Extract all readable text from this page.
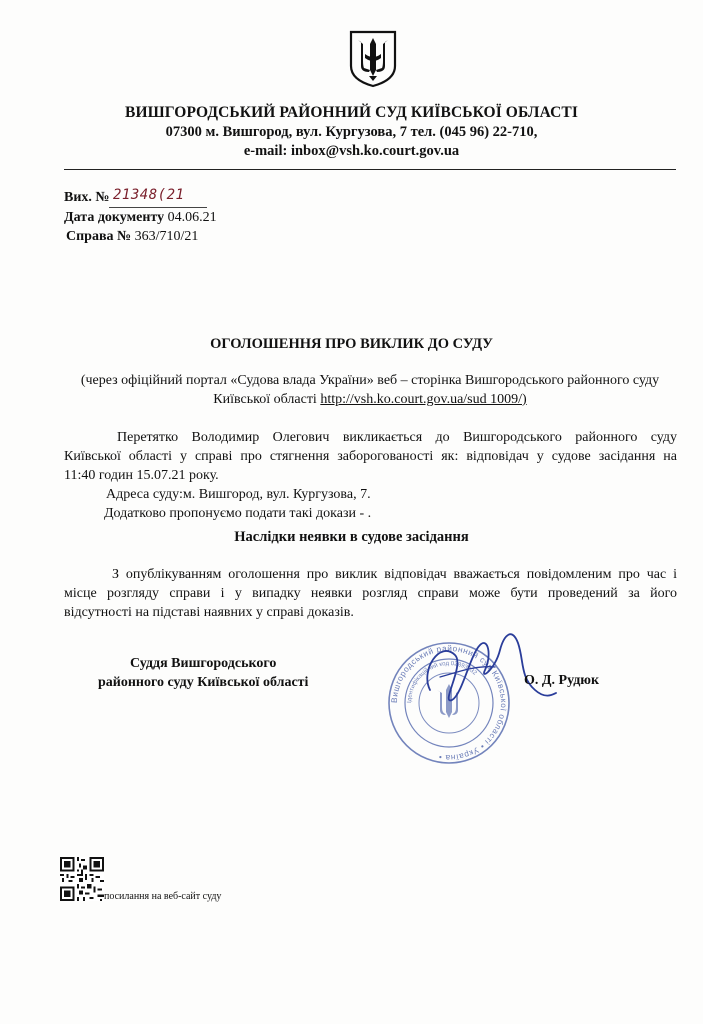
ВИШГОРОДСЬКИЙ РАЙОННИЙ СУД КИЇВСЬКОЇ ОБЛАСТІ
07300 м. Вишгород, вул. Кургузова, 7 тел. (045 96) 22-710,
e-mail: inbox@vsh.ko.court.gov.ua
Вих. № 21348(21
Дата документу 04.06.21
Справа № 363/710/21
ОГОЛОШЕННЯ ПРО ВИКЛИК ДО СУДУ
(через офіційний портал «Судова влада України» веб – сторінка Вишгородського районного суду
Київської області http://vsh.ko.court.gov.ua/sud 1009/)
Перетятко Володимир Олегович викликається до Вишгородського районного суду
Київської області у справі про стягнення заборогованості як: відповідач у судове засідання на
11:40 годин 15.07.21 року.
Адреса суду:м. Вишгород, вул. Кургузова, 7.
Додатково пропонуємо подати такі докази - .
Наслідки неявки в судове засідання
З опублікуванням оголошення про виклик відповідач вважається повідомленим про час і
місце розгляду справи і у випадку неявки розгляд справи може бути проведений за його
відсутності на підставі наявних у справі доказів.
Вишгородський районний суд Київської області • Україна •
Ідентифікаційний код 02893232
Суддя Вишгородського
районного суду Київської області	О. Д. Рудюк
посилання на веб-сайт суду
